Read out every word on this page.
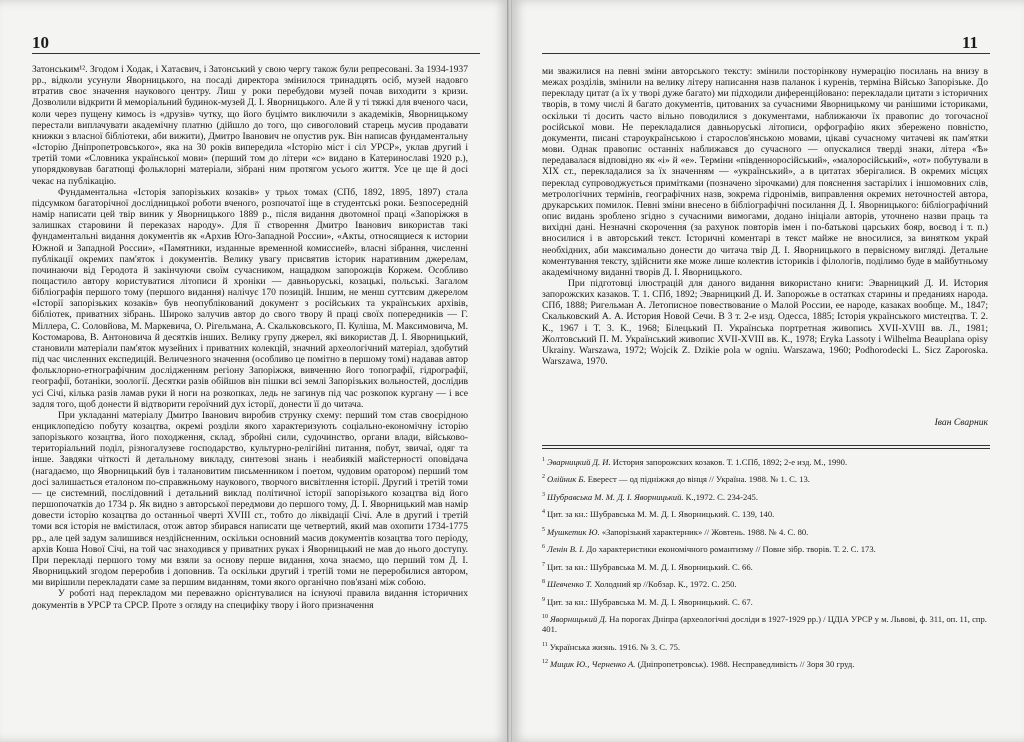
10

Затонським¹². Згодом і Ходак, і Хатаєвич, і Затонський у свою чергу також були репресовані. За 1934-1937 рр., відколи усунули Яворницького, на посаді директора змінилося тринадцять осіб, музей надовго втратив своє значення наукового центру. Лиш у роки перебудови музей почав виходити з кризи. Дозволили відкрити й меморіальний будинок-музей Д. І. Яворницького. Але й у ті тяжкі для вченого часи, коли через пущену кимось із «друзів» чутку, що його буцімто виключили з академіків, Яворницькому перестали виплачувати академічну платню (дійшло до того, що сивоголовий старець мусив продавати книжки з власної бібліотеки, аби вижити), Дмитро Іванович не опустив рук. Він написав фундаментальну «Історію Дніпропетровського», яка на 30 років випередила «Історію міст і сіл УРСР», уклав другий і третій томи «Словника української мови» (перший том до літери «с» видано в Катеринославі 1920 р.), упорядковував багатющі фольклорні матеріали, зібрані ним протягом усього життя. Усе це ще й досі чекає на публікацію.

Фундаментальна «Історія запорізьких козаків» у трьох томах (СПб, 1892, 1895, 1897) стала підсумком багаторічної дослідницької роботи вченого, розпочатої іще в студентські роки. Безпосередній намір написати цей твір виник у Яворницького 1889 р., після видання двотомної праці «Запоріжжя в залишках старовини й переказах народу». Для її створення Дмитро Іванович використав такі фундаментальні видання документів як «Архив Юго-Западной России», «Акты, относящиеся к истории Южной и Западной России», «Памятники, изданные временной комиссией», власні зібрання, численні публікації окремих пам'яток і документів. Велику увагу присвятив історик наративним джерелам, починаючи від Геродота й закінчуючи своїм сучасником, нащадком запорожців Коржем. Особливо пощастило автору користуватися літописи й хроніки — давньоруські, козацькі, польські. Загалом бібліографія першого тому (першого видання) налічує 170 позицій. Іншим, не менш суттєвим джерелом «Історії запорізьких козаків» був неопублікований документ з російських та українських архівів, бібліотек, приватних зібрань. Широко залучив автор до свого твору й праці своїх попередників — Г. Міллера, С. Соловйова, М. Маркевича, О. Рігельмана, А. Скальковського, П. Куліша, М. Максимовича, М. Костомарова, В. Антоновича й десятків інших. Велику групу джерел, які використав Д. І. Яворницький, становили матеріали пам'яток музейних і приватних колекцій, значний археологічний матеріал, здобутий під час численних експедицій. Величезного значення (особливо це помітно в першому томі) надавав автор фольклорно-етнографічним дослідженням регіону Запоріжжя, вивченню його топографії, гідрографії, географії, ботаніки, зоології. Десятки разів обійшов він пішки всі землі Запорізьких вольностей, дослідив усі Січі, кілька разів ламав руки й ноги на розкопках, ледь не загинув під час розкопок кургану — і все задля того, щоб донести й відтворити героїчний дух історії, донести її до читача.

При укладанні матеріалу Дмитро Іванович виробив струнку схему: перший том став своєрідною енциклопедією побуту козацтва, окремі розділи якого характеризують соціально-економічну історію запорізького козацтва, його походження, склад, збройні сили, судочинство, органи влади, військово-територіальний поділ, різногалузеве господарство, культурно-релігійні питання, побут, звичаї, одяг та інше. Завдяки чіткості й детальному викладу, синтезові знань і неабиякій майстерності оповідача (нагадаємо, що Яворницький був і талановитим письменником і поетом, чудовим оратором) перший том досі залишається еталоном по-справжньому наукового, творчого висвітлення історії. Другий і третій томи — це системний, послідовний і детальний виклад політичної історії запорізького козацтва від його першопочатків до 1734 р. Як видно з авторської передмови до першого тому, Д. І. Яворницький мав намір довести історію козацтва до останньої чверті XVIII ст., тобто до ліквідації Січі. Але в другий і третій томи вся історія не вмістилася, отож автор збирався написати ще четвертий, який мав охопити 1734-1775 рр., але цей задум залишився нездійсненним, оскільки основний масив документів козацтва того періоду, архів Коша Нової Січі, на той час знаходився у приватних руках і Яворницький не мав до нього доступу. При перекладі першого тому ми взяли за основу перше видання, хоча знаємо, що перший том Д. І. Яворницький згодом переробив і доповнив. Та оскільки другий і третій томи не переробилися автором, ми вирішили перекладати саме за першим виданням, томи якого органічно пов'язані між собою.

У роботі над перекладом ми переважно орієнтувалися на існуючі правила видання історичних документів в УРСР та СРСР. Проте з огляду на специфіку твору і його призначення

11

ми зважилися на певні зміни авторського тексту: змінили посторінкову нумерацію посилань на внизу в межах розділів, змінили на велику літеру написання назв паланок і куренів, терміна Військо Запорізьке. До перекладу цитат (а їх у творі дуже багато) ми підходили диференційовано: перекладали цитати з історичних творів, в тому числі й багато документів, цитованих за сучасними Яворницькому чи ранішими істориками, оскільки ті досить часто вільно поводилися з документами, наближаючи їх правопис до тогочасної російської мови. Не перекладалися давньоруські літописи, орфографію яких збережено повністю, документи, писані староукраїнською і старослов'янською мовами, цікаві сучасному читачеві як пам'ятки мови. Однак правопис останніх наближався до сучасного — опускалися тверді знаки, літера «Ѣ» передавалася відповідно як «і» й «е». Терміни «південноросійський», «малоросійський», «от» побутували в XIX ст., перекладалися за їх значенням — «український», а в цитатах зберігалися. В окремих місцях переклад супроводжується примітками (позначено зірочками) для пояснення застарілих і іншомовних слів, метрологічних термінів, географічних назв, зокрема гідронімів, виправлення окремих неточностей автора, друкарських помилок. Певні зміни внесено в бібліографічні посилання Д. І. Яворницького: бібліографічний опис видань зроблено згідно з сучасними вимогами, додано ініціали авторів, уточнено назви праць та вихідні дані. Незначні скорочення (за рахунок повторів імен і по-батькові царських бояр, воєвод і т. п.) вносилися і в авторський текст. Історичні коментарі в текст майже не вносилися, за винятком украй необхідних, аби максимально донести до читача твір Д. І. Яворницького в первісному вигляді. Детальне коментування тексту, здійснити яке може лише колектив істориків і філологів, поділимо буде в майбутньому академічному виданні творів Д. І. Яворницького.

При підготовці ілюстрацій для даного видання використано книги: Эварницкий Д. И. История запорожских казаков. Т. 1. СПб, 1892; Эварницкий Д. И. Запорожье в остатках старины и преданиях народа. СПб, 1888; Ригельман А. Летописное повествование о Малой России, ее народе, казаках вообще. М., 1847; Скальковский А. А. История Новой Сечи. В 3 т. 2-е изд. Одесса, 1885; Історія українського мистецтва. Т. 2. К., 1967 і Т. 3. К., 1968; Білецький П. Українська портретная живопись XVII-XVIII вв. Л., 1981; Жолтовський П. М. Український живопис XVII-XVIII вв. К., 1978; Eryka Lassoty i Wilhelma Beauplana opisy Ukrainy. Warszawa, 1972; Wojcik Z. Dzikie pola w ogniu. Warszawa, 1960; Podhorodecki L. Sicz Zaporoska. Warszawa, 1970.

Іван Сварник
$^1$ Эварницкий Д. И. История запорожских козаков. Т. 1.СПб, 1892; 2-е изд. М., 1990.
$^2$ Олійник Б. Еверест — од підніжжя до вінця // Україна. 1988. № 1. С. 13.
$^3$ Шубравська М. М. Д. І. Яворницький. К.,1972. С. 234-245.
$^4$ Цит. за кн.: Шубравська М. М. Д. І. Яворницький. С. 139, 140.
$^5$ Мушкетик Ю. «Запорізький характерник» // Жовтень. 1988. № 4. С. 80.
$^6$ Ленін В. І. До характеристики економічного романтизму // Повне зібр. творів. Т. 2. С. 173.
$^7$ Цит. за кн.: Шубравська М. М. Д. І. Яворницький. С. 66.
$^8$ Шевченко Т. Холодний яр //Кобзар. К., 1972. С. 250.
$^9$ Цит. за кн.: Шубравська М. М. Д. І. Яворницький. С. 67.
$^{10}$ Яворницький Д. На порогах Дніпра (археологічні досліди в 1927-1929 рр.) / ЦДІА УРСР у м. Львові, ф. 311, оп. 11, спр. 401.
$^{11}$ Українська жизнь. 1916. № 3. С. 75.
$^{12}$ Мицик Ю., Черненко А. (Дніпропетровськ). 1988. Несправедливість // Зоря 30 груд.
